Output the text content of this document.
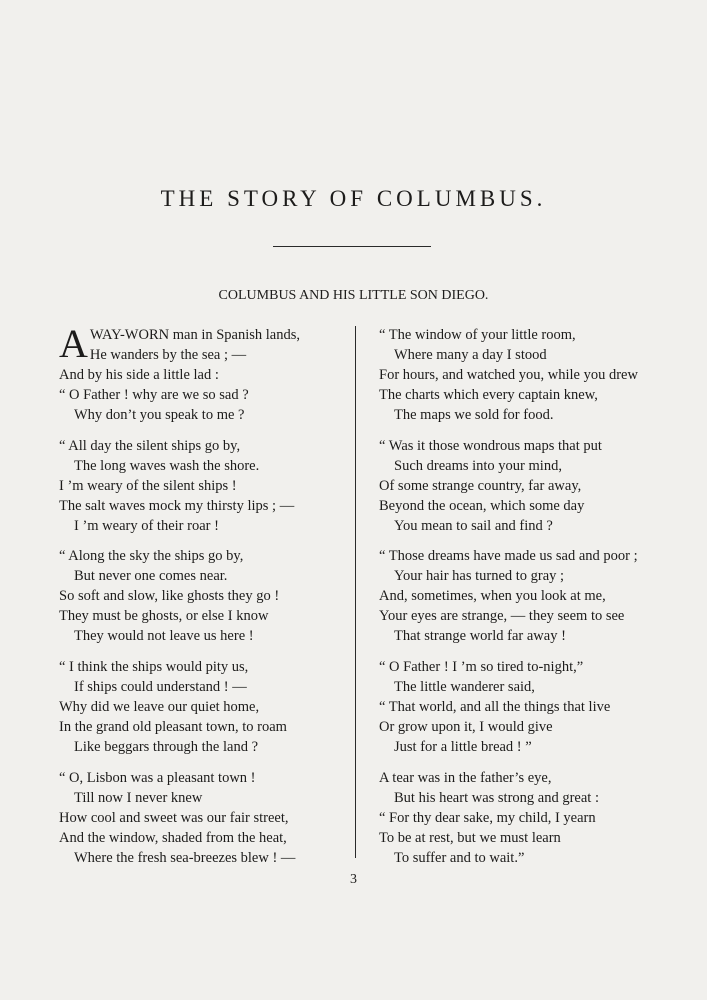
THE STORY OF COLUMBUS.
COLUMBUS AND HIS LITTLE SON DIEGO.
A WAY-WORN man in Spanish lands,
He wanders by the sea ; —
And by his side a little lad :
“ O Father ! why are we so sad ?
Why don’t you speak to me ?
“ All day the silent ships go by,
The long waves wash the shore.
I ’m weary of the silent ships !
The salt waves mock my thirsty lips ; —
I ’m weary of their roar !
“ Along the sky the ships go by,
But never one comes near.
So soft and slow, like ghosts they go !
They must be ghosts, or else I know
They would not leave us here !
“ I think the ships would pity us,
If ships could understand ! —
Why did we leave our quiet home,
In the grand old pleasant town, to roam
Like beggars through the land ?
“ O, Lisbon was a pleasant town !
Till now I never knew
How cool and sweet was our fair street,
And the window, shaded from the heat,
Where the fresh sea-breezes blew ! —
“ The window of your little room,
Where many a day I stood
For hours, and watched you, while you drew
The charts which every captain knew,
The maps we sold for food.
“ Was it those wondrous maps that put
Such dreams into your mind,
Of some strange country, far away,
Beyond the ocean, which some day
You mean to sail and find ?
“ Those dreams have made us sad and poor ;
Your hair has turned to gray ;
And, sometimes, when you look at me,
Your eyes are strange, — they seem to see
That strange world far away !
“ O Father ! I ’m so tired to-night,”
The little wanderer said,
“ That world, and all the things that live
Or grow upon it, I would give
Just for a little bread ! ”
A tear was in the father’s eye,
But his heart was strong and great :
“ For thy dear sake, my child, I yearn
To be at rest, but we must learn
To suffer and to wait.”
3
